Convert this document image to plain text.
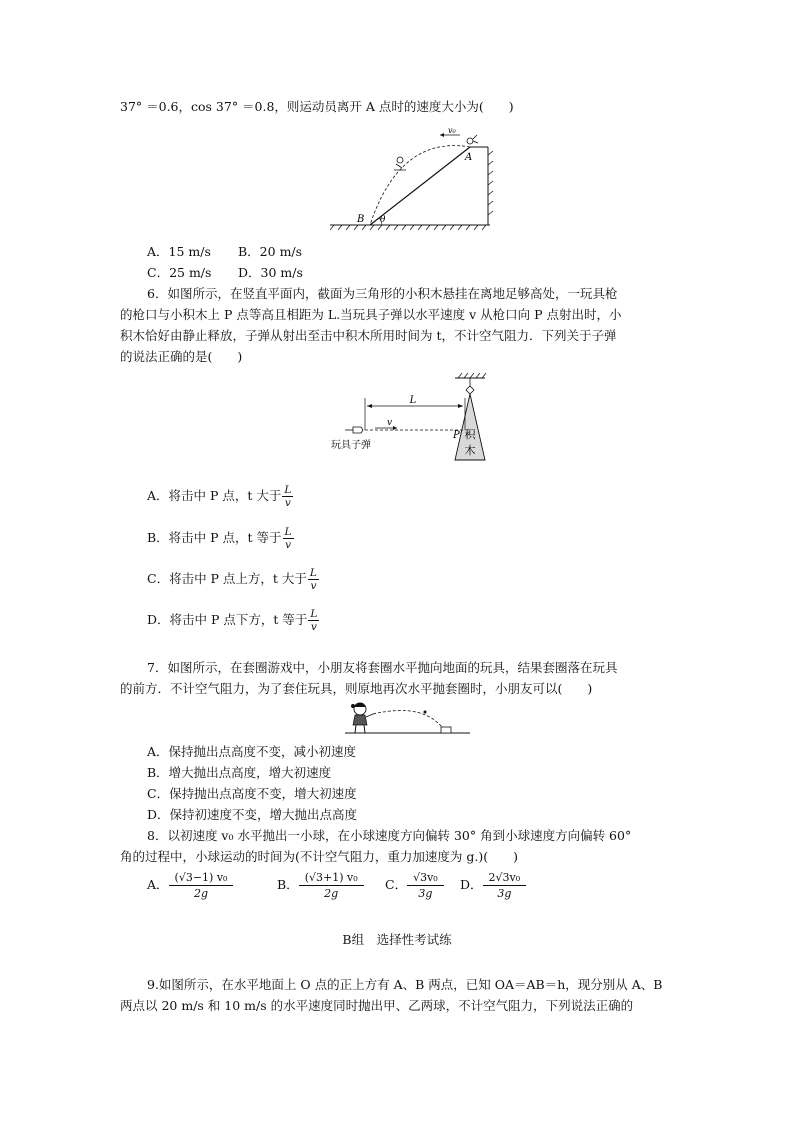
37° ＝0.6，cos 37° ＝0.8，则运动员离开 A 点时的速度大小为(　　)
v₀
A
B θ
A．15 m/s B．20 m/s
C．25 m/s D．30 m/s
6．如图所示，在竖直平面内，截面为三角形的小积木悬挂在离地足够高处，一玩具枪
的枪口与小积木上 P 点等高且相距为 L.当玩具子弹以水平速度 v 从枪口向 P 点射出时，小
积木恰好由静止释放，子弹从射出至击中积木所用时间为 t，不计空气阻力．下列关于子弹
的说法正确的是(　　)
积
木
L
v
P
玩具子弹
A．将击中 P 点，t 大于 $\frac{L}{v}$
B．将击中 P 点，t 等于 $\frac{L}{v}$
C．将击中 P 点上方，t 大于 $\frac{L}{v}$
D．将击中 P 点下方，t 等于 $\frac{L}{v}$
7．如图所示，在套圈游戏中，小朋友将套圈水平抛向地面的玩具，结果套圈落在玩具
的前方．不计空气阻力，为了套住玩具，则原地再次水平抛套圈时，小朋友可以(　　)
A．保持抛出点高度不变，减小初速度
B．增大抛出点高度，增大初速度
C．保持抛出点高度不变，增大初速度
D．保持初速度不变，增大抛出点高度
8．以初速度 v₀ 水平抛出一小球，在小球速度方向偏转 30° 角到小球速度方向偏转 60°
角的过程中，小球运动的时间为(不计空气阻力，重力加速度为 g.)(　　)
A． $\frac{\text{(√3−1) v₀}}{2g}$	B． $\frac{\text{(√3+1) v₀}}{2g}$ C． $\frac{\text{√3v₀}}{3g}$ D． $\frac{\text{2√3v₀}}{3g}$
B组　选择性考试练
9.如图所示，在水平地面上 O 点的正上方有 A、B 两点，已知 OA＝AB＝h，现分别从 A、B
两点以 20 m/s 和 10 m/s 的水平速度同时抛出甲、乙两球，不计空气阻力，下列说法正确的
